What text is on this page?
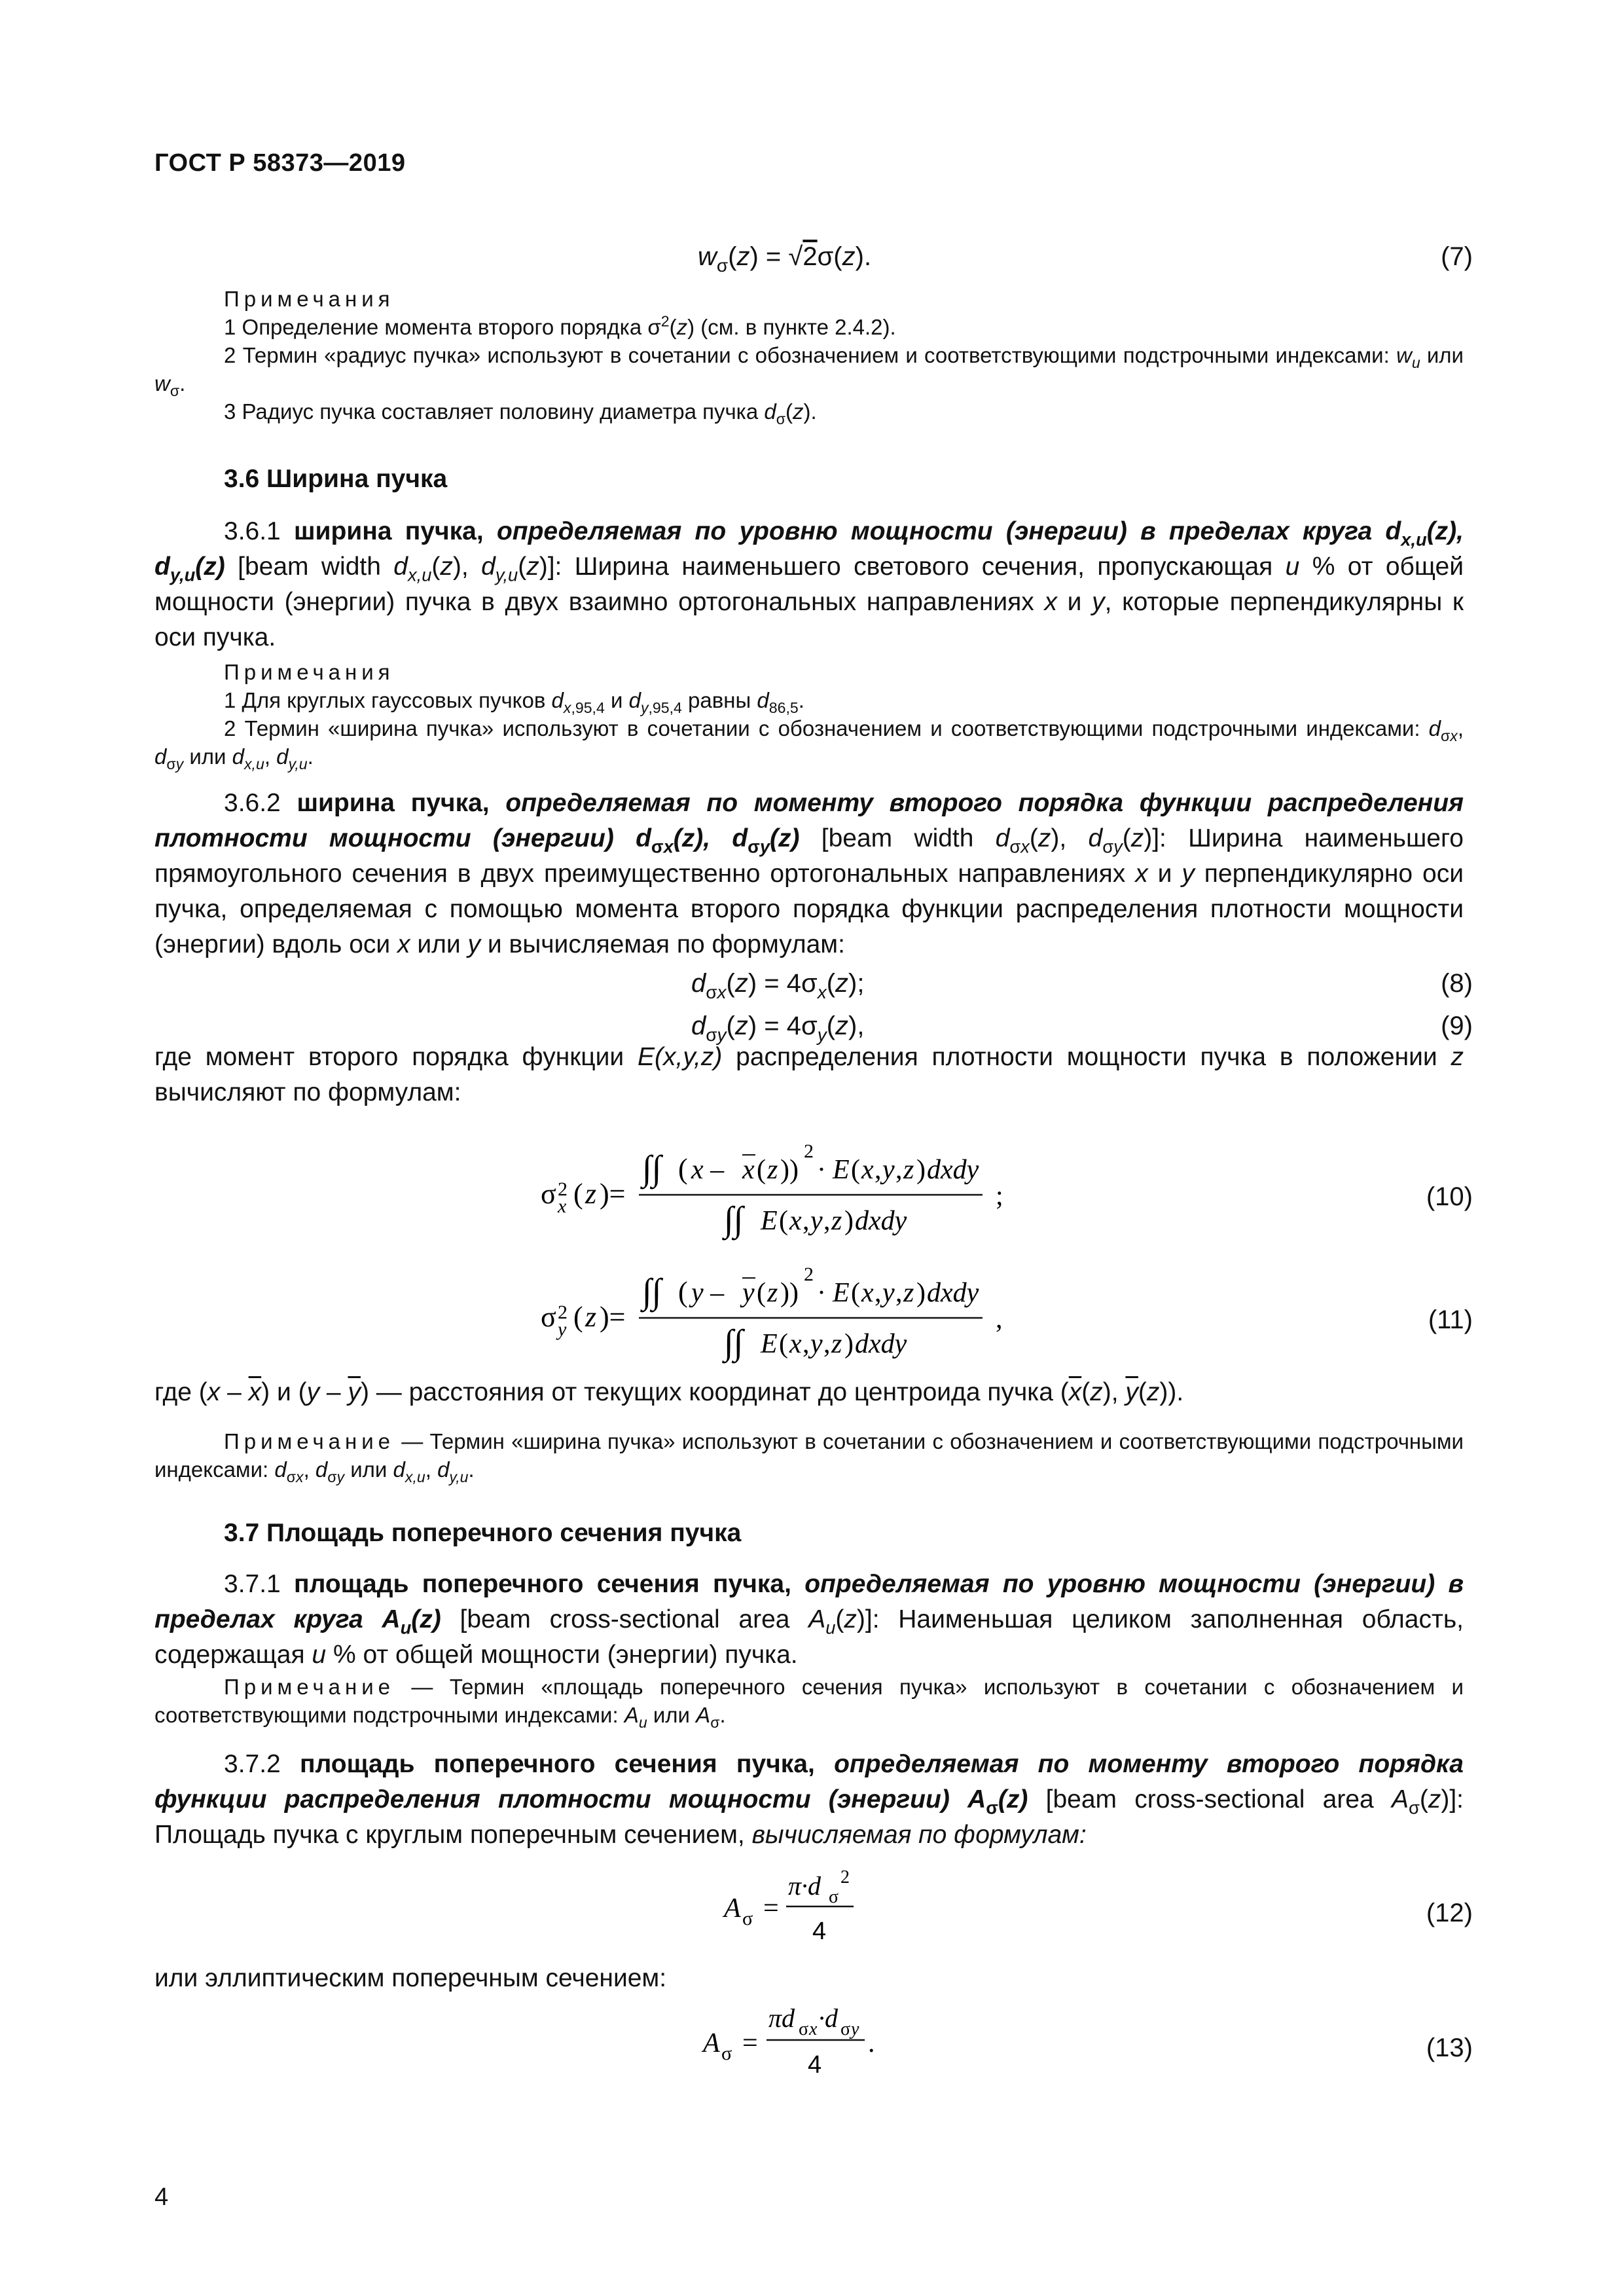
ГОСТ Р 58373—2019
$w_\sigma(z) = √2\sigma(z)$.	(7)
Примечания
1 Определение момента второго порядка $\sigma^2(z)$ (см. в пункте 2.4.2).
2 Термин «радиус пучка» используют в сочетании с обозначением и соответствующими подстрочными индексами: $w_u$ или $w_\sigma$.
3 Радиус пучка составляет половину диаметра пучка $d_\sigma(z)$.
3.6 Ширина пучка
3.6.1 ширина пучка, определяемая по уровню мощности (энергии) в пределах круга $d_{x,u}(z)$, $d_{y,u}(z)$ [beam width $d_{x,u}(z)$, $d_{y,u}(z)$]: Ширина наименьшего светового сечения, пропускающая u % от общей мощности (энергии) пучка в двух взаимно ортогональных направлениях x и y, которые перпендикулярны к оси пучка.
Примечания
1 Для круглых гауссовых пучков $d_{x,95,4}$ и $d_{y,95,4}$ равны $d_{86,5}$.
2 Термин «ширина пучка» используют в сочетании с обозначением и соответствующими подстрочными индексами: $d_{\sigma x}$, $d_{\sigma y}$ или $d_{x,u}$, $d_{y,u}$.
3.6.2 ширина пучка, определяемая по моменту второго порядка функции распределения плотности мощности (энергии) $d_{\sigma x}(z)$, $d_{\sigma y}(z)$ [beam width $d_{\sigma x}(z)$, $d_{\sigma y}(z)$]: Ширина наименьшего прямоугольного сечения в двух преимущественно ортогональных направлениях x и y перпендикулярно оси пучка, определяемая с помощью момента второго порядка функции распределения плотности мощности (энергии) вдоль оси x или y и вычисляемая по формулам:
$d_{\sigma x}(z) = 4\sigma_x(z)$;	(8)
$d_{\sigma y}(z) = 4\sigma_y(z)$,	(9)
где момент второго порядка функции E(x,y,z) распределения плотности мощности пучка в положении z вычисляют по формулам:
σ 2
x ( z )=
∫∫ ( x – x ( z ))
2
· E ( x , y , z ) dxdy
∫∫ E ( x , y , z ) dxdy
;	(10)
σ 2
y ( z )=
∫∫ ( y – y ( z ))
2
· E ( x , y , z ) dxdy
∫∫ E ( x , y , z ) dxdy
,	(11)
где $(x - \overline{x})$ и $(y - \overline{y})$ — расстояния от текущих координат до центроида пучка ($\overline{x}(z)$, $\overline{y}(z)$).
Примечание — Термин «ширина пучка» используют в сочетании с обозначением и соответствующими подстрочными индексами: $d_{\sigma x}$, $d_{\sigma y}$ или $d_{x,u}$, $d_{y,u}$.
3.7 Площадь поперечного сечения пучка
3.7.1 площадь поперечного сечения пучка, определяемая по уровню мощности (энергии) в пределах круга $A_u(z)$ [beam cross-sectional area $A_u(z)$]: Наименьшая целиком заполненная область, содержащая u % от общей мощности (энергии) пучка.
Примечание — Термин «площадь поперечного сечения пучка» используют в сочетании с обозначением и соответствующими подстрочными индексами: $A_u$ или $A_\sigma$.
3.7.2 площадь поперечного сечения пучка, определяемая по моменту второго порядка функции распределения плотности мощности (энергии) $A_\sigma(z)$ [beam cross-sectional area $A_\sigma(z)$]: Площадь пучка с круглым поперечным сечением, вычисляемая по формулам:
A σ =
π·d σ
2
4
(12)
или эллиптическим поперечным сечением:
A σ =
πd σ x ·d σ y
4
.	(13)
4
